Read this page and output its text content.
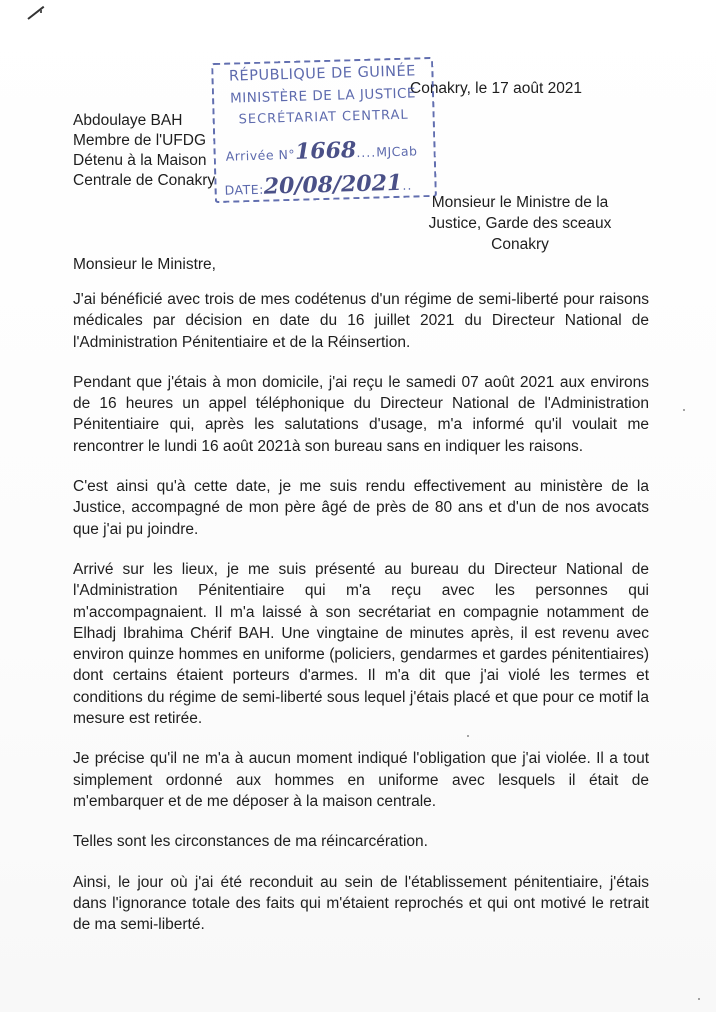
Abdoulaye BAH
Membre de l'UFDG
Détenu à la Maison
Centrale de Conakry
Conakry, le 17 août 2021
RÉPUBLIQUE DE GUINÉE
MINISTÈRE DE LA JUSTICE
SECRÉTARIAT CENTRAL
Arrivée N°1668....MJCab
DATE:20/08/2021..
Monsieur le Ministre de la
Justice, Garde des sceaux
Conakry
Monsieur le Ministre,

J'ai bénéficié avec trois de mes codétenus d'un régime de semi-liberté pour raisons médicales par décision en date du 16 juillet 2021 du Directeur National de l'Administration Pénitentiaire et de la Réinsertion.

Pendant que j'étais à mon domicile, j'ai reçu le samedi 07 août 2021 aux environs de 16 heures un appel téléphonique du Directeur National de l'Administration Pénitentiaire qui, après les salutations d'usage, m'a informé qu'il voulait me rencontrer le lundi 16 août 2021à son bureau sans en indiquer les raisons.

C'est ainsi qu'à cette date, je me suis rendu effectivement au ministère de la Justice, accompagné de mon père âgé de près de 80 ans et d'un de nos avocats que j'ai pu joindre.

Arrivé sur les lieux, je me suis présenté au bureau du Directeur National de l'Administration Pénitentiaire qui m'a reçu avec les personnes qui m'accompagnaient. Il m'a laissé à son secrétariat en compagnie notamment de Elhadj Ibrahima Chérif BAH. Une vingtaine de minutes après, il est revenu avec environ quinze hommes en uniforme (policiers, gendarmes et gardes pénitentiaires) dont certains étaient porteurs d'armes. Il m'a dit que j'ai violé les termes et conditions du régime de semi-liberté sous lequel j'étais placé et que pour ce motif la mesure est retirée.

Je précise qu'il ne m'a à aucun moment indiqué l'obligation que j'ai violée. Il a tout simplement ordonné aux hommes en uniforme avec lesquels il était de m'embarquer et de me déposer à la maison centrale.

Telles sont les circonstances de ma réincarcération.

Ainsi, le jour où j'ai été reconduit au sein de l'établissement pénitentiaire, j'étais dans l'ignorance totale des faits qui m'étaient reprochés et qui ont motivé le retrait de ma semi-liberté.
